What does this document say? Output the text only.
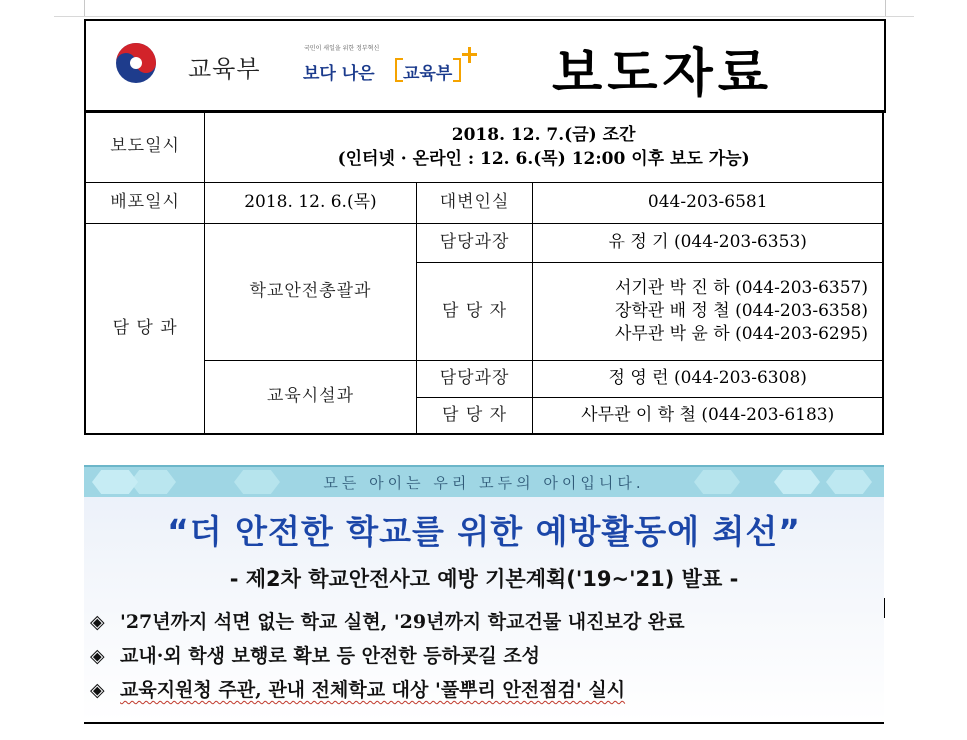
교육부
국민이 새일을 위한 정부혁신
보다 나은 교육부 보도자료
보도일시	2018. 12. 7.(금) 조간
(인터넷 · 온라인 : 12. 6.(목) 12:00 이후 보도 가능)		
배포일시	2018. 12. 6.(목)	대변인실	044-203-6581
담 당 과	학교안전총괄과	담당과장	유 정 기 (044-203-6353)
		담 당 자	서기관 박 진 하 (044-203-6357)
장학관 배 정 철 (044-203-6358)
사무관 박 윤 하 (044-203-6295)
	교육시설과	담당과장	정 영 런 (044-203-6308)
		담 당 자	사무관 이 학 철 (044-203-6183)
모든 아이는 우리 모두의 아이입니다.
“더 안전한 학교를 위한 예방활동에 최선”
- 제2차 학교안전사고 예방 기본계획('19~'21) 발표 -
◈ '27년까지 석면 없는 학교 실현, '29년까지 학교건물 내진보강 완료
◈ 교내·외 학생 보행로 확보 등 안전한 등하굣길 조성
◈ 교육지원청 주관, 관내 전체학교 대상 '풀뿌리 안전점검' 실시
